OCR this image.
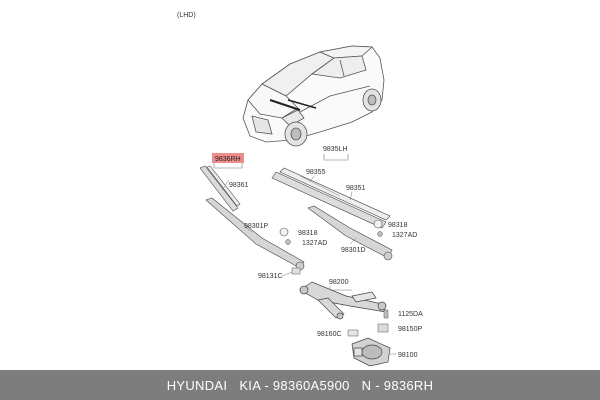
(LHD)
9836RH
98361
9835LH
98355
98351
98301P
98318
1327AD
98301D
98318
1327AD
98131C
98200
1125DA
98150P
98160C
98100
HYUNDAI KIA - 98360A5900 N - 9836RH
